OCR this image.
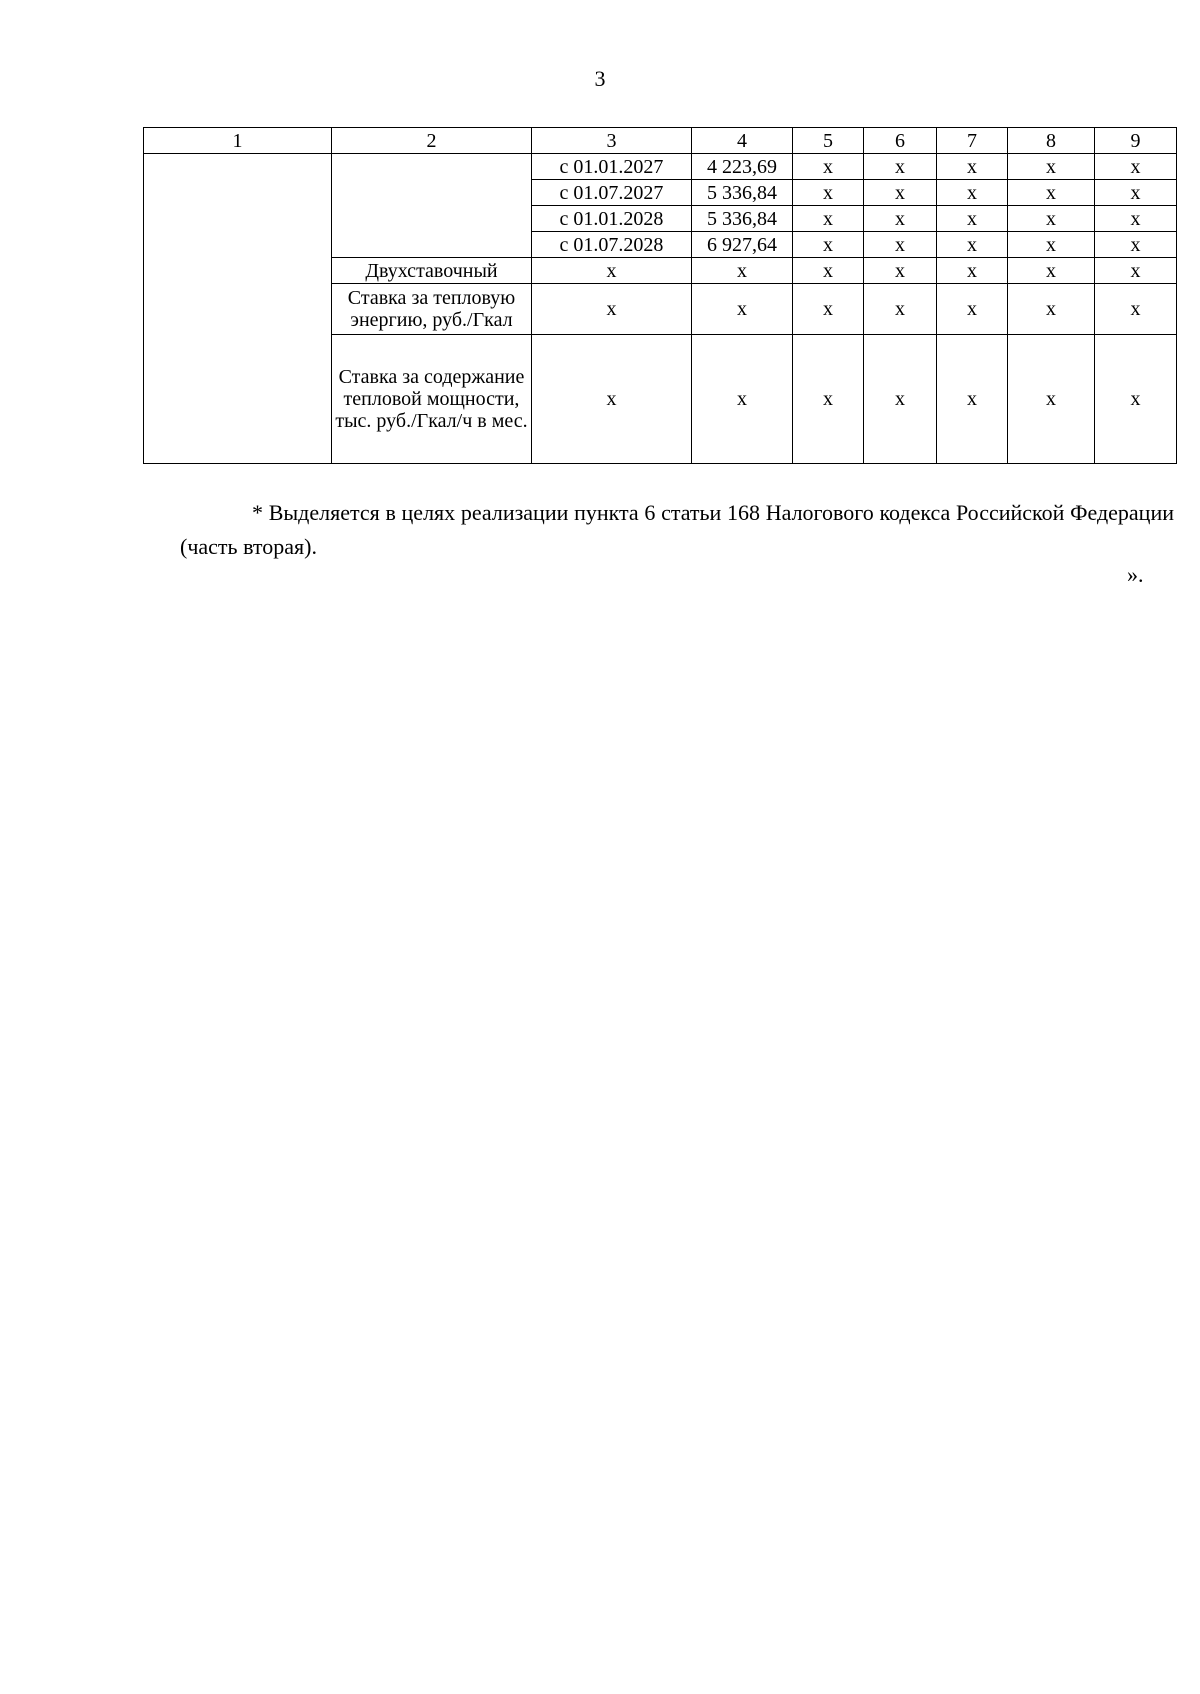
3
1	2	3	4	5	6	7	8	9
		с 01.01.2027	4 223,69	х	х	х	х	х
		с 01.07.2027	5 336,84	х	х	х	х	х
		с 01.01.2028	5 336,84	х	х	х	х	х
		с 01.07.2028	6 927,64	х	х	х	х	х
	Двухставочный	х	х	х	х	х	х	х
	Ставка за тепловую энергию, руб./Гкал	х	х	х	х	х	х	х
	Ставка за содержание тепловой мощности, тыс. руб./Гкал/ч в мес.	х	х	х	х	х	х	х

* Выделяется в целях реализации пункта 6 статьи 168 Налогового кодекса Российской Федерации (часть вторая).

».
